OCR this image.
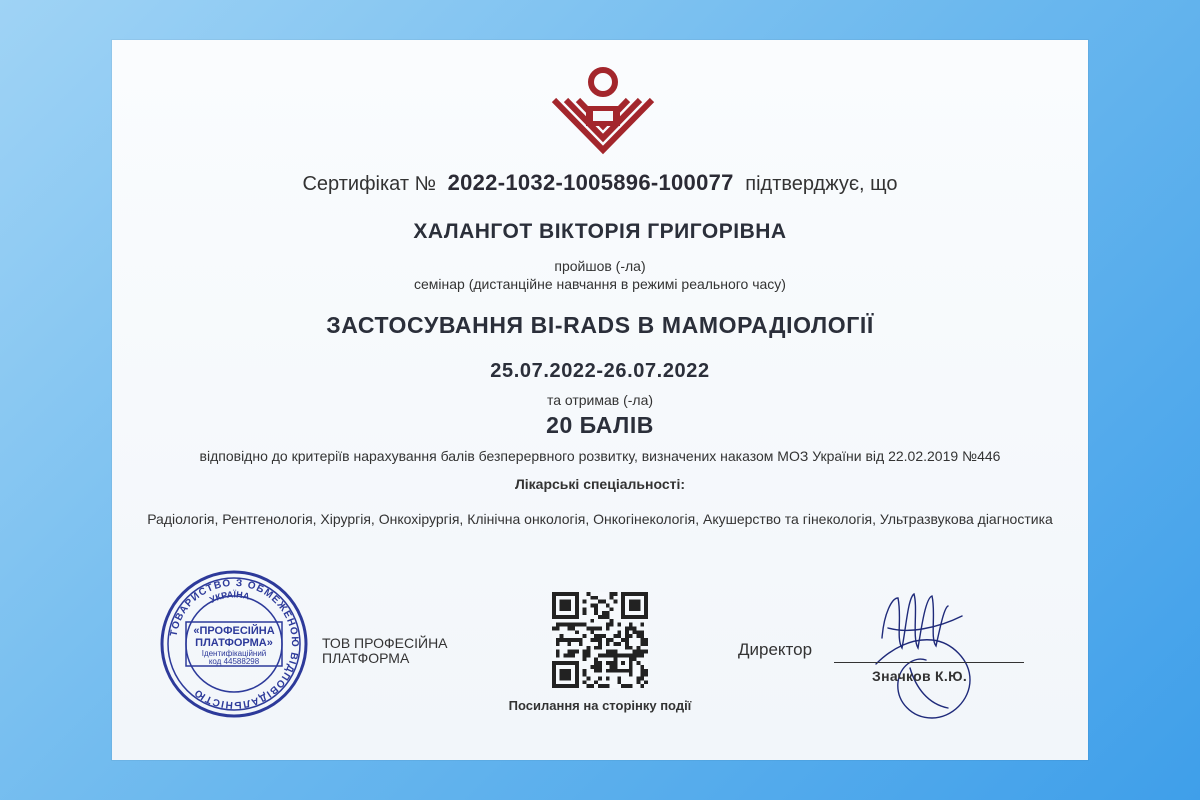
Сертифікат № 2022-1032-1005896-100077 підтверджує, що
ХАЛАНГОТ ВІКТОРІЯ ГРИГОРІВНА
пройшов (-ла)
семінар (дистанційне навчання в режимі реального часу)
ЗАСТОСУВАННЯ BI-RADS В МАМОРАДІОЛОГІЇ
25.07.2022-26.07.2022
та отримав (-ла)
20 БАЛІВ
відповідно до критеріїв нарахування балів безперервного розвитку, визначених наказом МОЗ України від 22.02.2019 №446
Лікарські спеціальності:
Радіологія, Рентгенологія, Хірургія, Онкохірургія, Клінічна онкологія, Онкогінекологія, Акушерство та гінекологія, Ультразвукова діагностика
ТОВАРИСТВО З ОБМЕЖЕНОЮ ВІДПОВІДАЛЬНІСТЮ
УКРАЇНА
«ПРОФЕСІЙНА
ПЛАТФОРМА»
Ідентифікаційний
код 44588298
ТОВ ПРОФЕСІЙНА
ПЛАТФОРМА
Посилання на сторінку події
Директор
Значков К.Ю.
